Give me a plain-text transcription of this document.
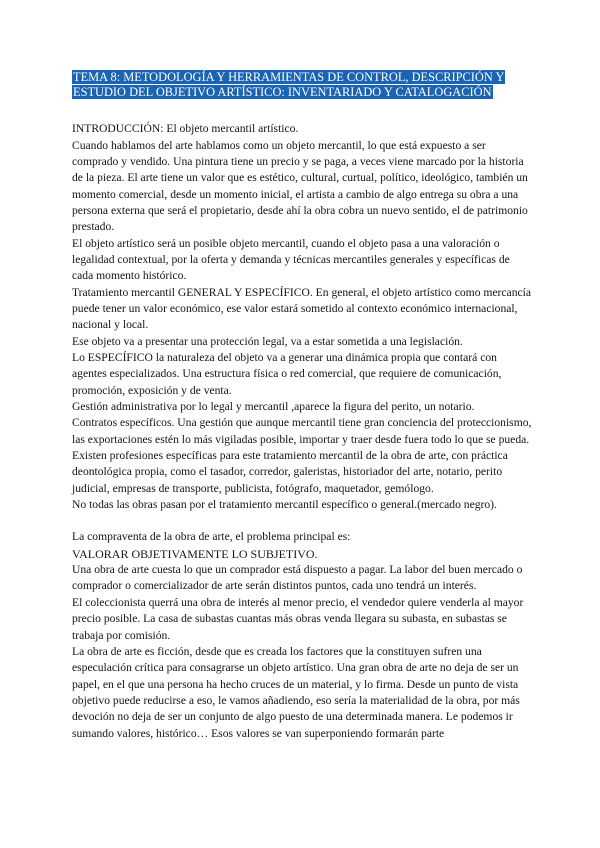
TEMA 8: METODOLOGÍA Y HERRAMIENTAS DE CONTROL, DESCRIPCIÓN Y ESTUDIO DEL OBJETIVO ARTÍSTICO: INVENTARIADO Y CATALOGACIÓN

INTRODUCCIÓN: El objeto mercantil artístico.

Cuando hablamos del arte hablamos como un objeto mercantil, lo que está expuesto a ser comprado y vendido. Una pintura tiene un precio y se paga, a veces viene marcado por la historia de la pieza. El arte tiene un valor que es estético, cultural, curtual, político, ideológico, también un momento comercial, desde un momento inicial, el artista a cambio de algo entrega su obra a una persona externa que será el propietario, desde ahí la obra cobra un nuevo sentido, el de patrimonio prestado.

El objeto artístico será un posible objeto mercantil, cuando el objeto pasa a una valoración o legalidad contextual, por la oferta y demanda y técnicas mercantiles generales y específicas de cada momento histórico.

Tratamiento mercantil GENERAL Y ESPECÍFICO. En general, el objeto artístico como mercancía puede tener un valor económico, ese valor estará sometido al contexto económico internacional, nacional y local.

Ese objeto va a presentar una protección legal, va a estar sometida a una legislación.

Lo ESPECÍFICO la naturaleza del objeto va a generar una dinámica propia que contará con agentes especializados. Una estructura física o red comercial, que requiere de comunicación, promoción, exposición y de venta.

Gestión administrativa por lo legal y mercantil ,aparece la figura del perito, un notario.

Contratos específicos. Una gestión que aunque mercantil tiene gran conciencia del proteccionismo, las exportaciones estén lo más vigiladas posible, importar y traer desde fuera todo lo que se pueda.

Existen profesiones específicas para este tratamiento mercantil de la obra de arte, con práctica deontológica propia, como el tasador, corredor, galeristas, historiador del arte, notario, perito judicial, empresas de transporte, publicista, fotógrafo, maquetador, gemólogo.

No todas las obras pasan por el tratamiento mercantil específico o general.(mercado negro).

La compraventa de la obra de arte, el problema principal es:

VALORAR OBJETIVAMENTE LO SUBJETIVO.

Una obra de arte cuesta lo que un comprador está dispuesto a pagar. La labor del buen mercado o comprador o comercializador de arte serán distintos puntos, cada uno tendrá un interés.

El coleccionista querrá una obra de interés al menor precio, el vendedor quiere venderla al mayor precio posible. La casa de subastas cuantas más obras venda llegara su subasta, en subastas se trabaja por comisión.

La obra de arte es ficción, desde que es creada los factores que la constituyen sufren una especulación crítica para consagrarse un objeto artístico. Una gran obra de arte no deja de ser un papel, en el que una persona ha hecho cruces de un material, y lo firma. Desde un punto de vista objetivo puede reducirse a eso, le vamos añadiendo, eso sería la materialidad de la obra, por más devoción no deja de ser un conjunto de algo puesto de una determinada manera. Le podemos ir sumando valores, histórico… Esos valores se van superponiendo formarán parte
